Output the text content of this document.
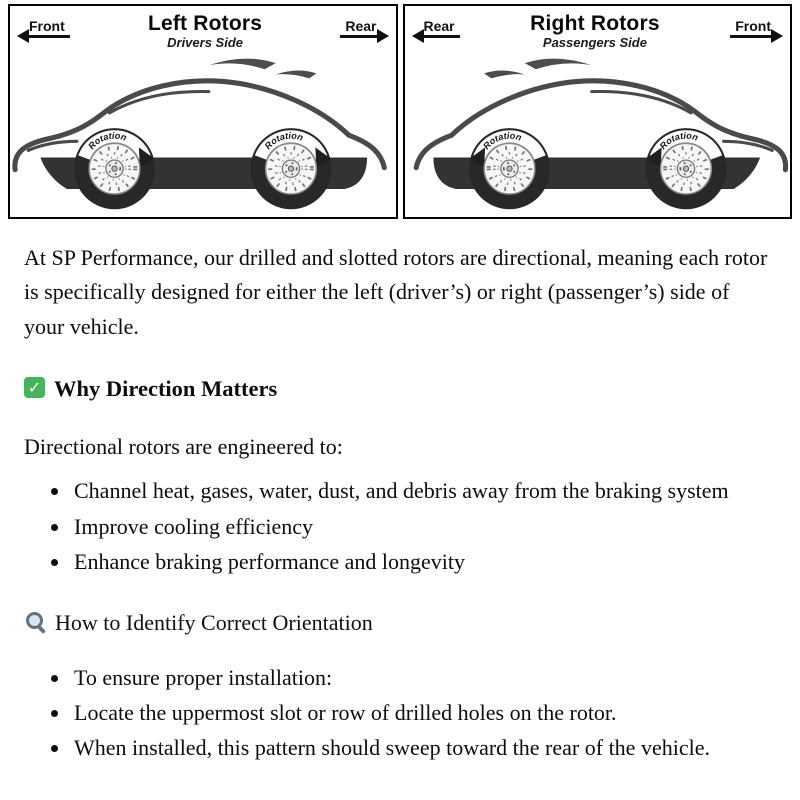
Front	Left Rotors
Drivers Side
Rear
Rotation
Rotation
Rear	Right Rotors
Passengers Side
Front
Rotation
Rotation

At SP Performance, our drilled and slotted rotors are directional, meaning each rotor is specifically designed for either the left (driver’s) or right (passenger’s) side of your vehicle.

✓Why Direction Matters

Directional rotors are engineered to:

• Channel heat, gases, water, dust, and debris away from the braking system
• Improve cooling efficiency
• Enhance braking performance and longevity
How to Identify Correct Orientation
• To ensure proper installation:
• Locate the uppermost slot or row of drilled holes on the rotor.
• When installed, this pattern should sweep toward the rear of the vehicle.
